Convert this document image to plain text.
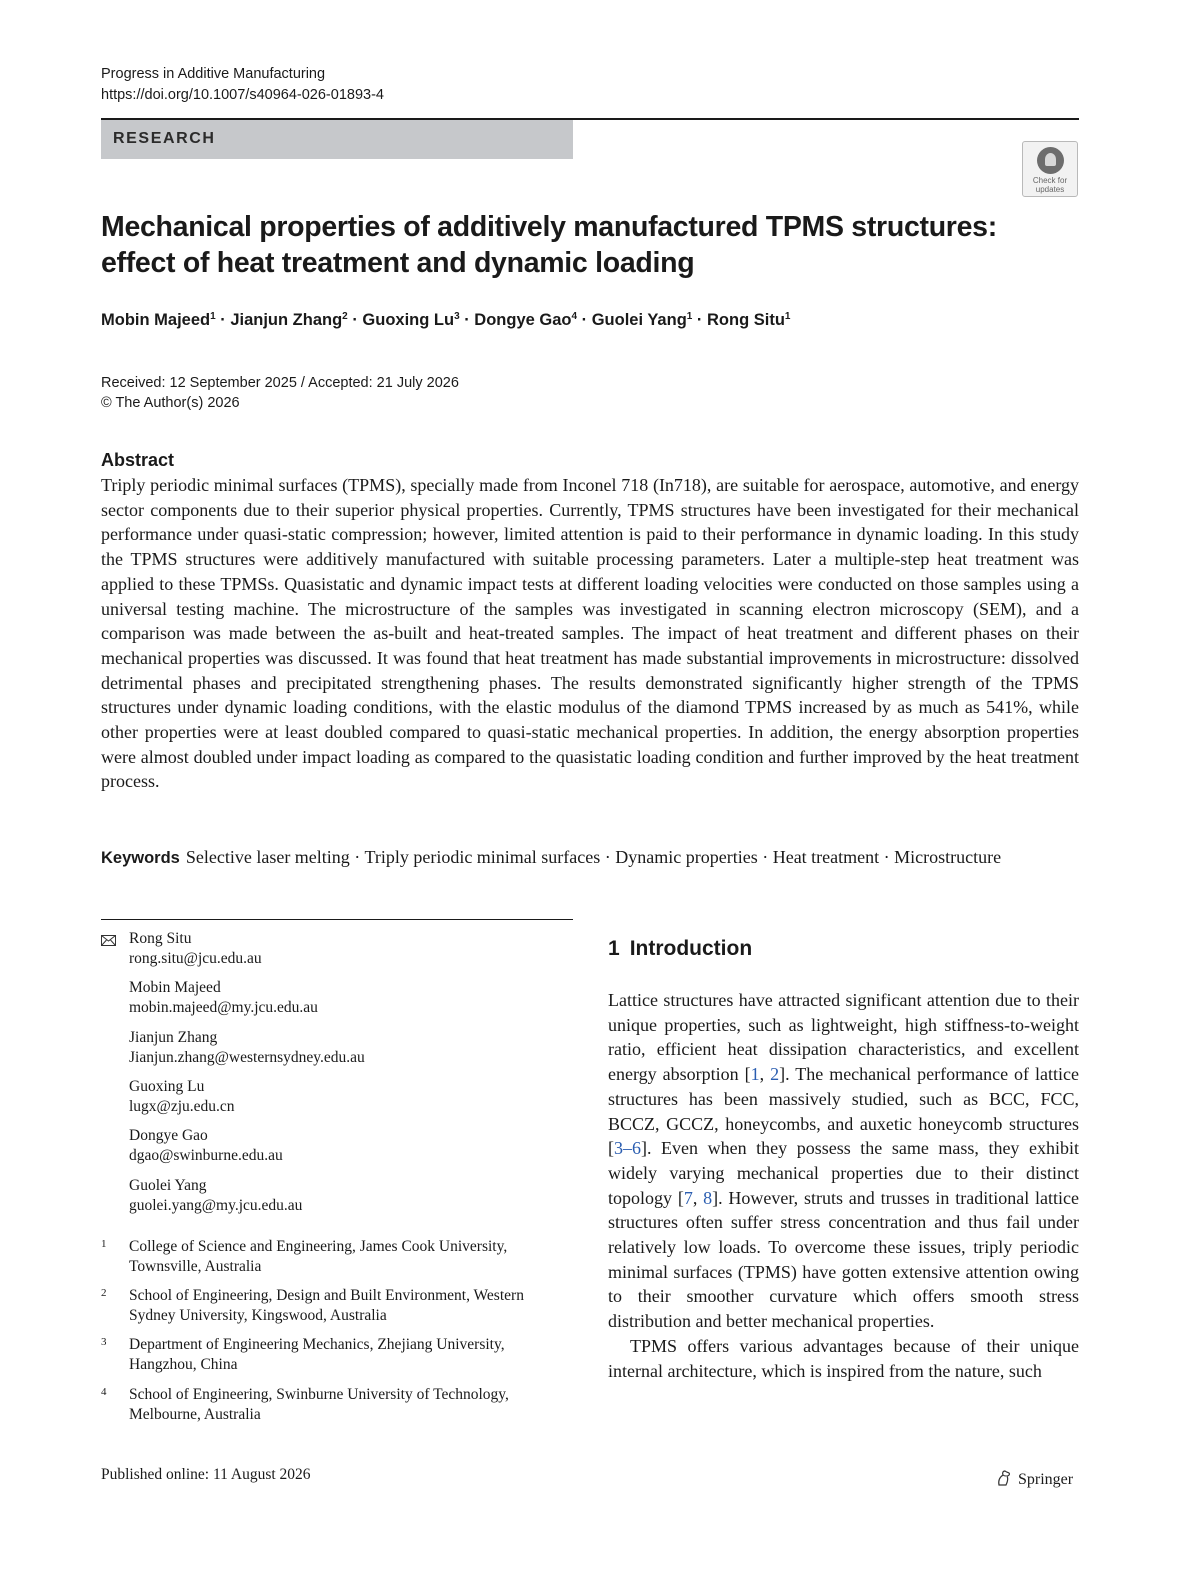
Progress in Additive Manufacturing
https://doi.org/10.1007/s40964-026-01893-4
RESEARCH
Check for
updates
Mechanical properties of additively manufactured TPMS structures:
effect of heat treatment and dynamic loading
Mobin Majeed$^1$ · Jianjun Zhang$^2$ · Guoxing $Lu^3$ · Dongye Gao$^4$ · Guolei Yang$^1$ · Rong Situ$^1$
Received: 12 September 2025 / Accepted: 21 July 2026
© The Author(s) 2026
Abstract
Triply periodic minimal surfaces (TPMS), specially made from Inconel 718 (In718), are suitable for aerospace, automotive, and energy sector components due to their superior physical properties. Currently, TPMS structures have been investigated for their mechanical performance under quasi-static compression; however, limited attention is paid to their performance in dynamic loading. In this study the TPMS structures were additively manufactured with suitable processing parameters. Later a multiple-step heat treatment was applied to these TPMSs. Quasistatic and dynamic impact tests at different loading velocities were conducted on those samples using a universal testing machine. The microstructure of the samples was investigated in scanning electron microscopy (SEM), and a comparison was made between the as-built and heat-treated samples. The impact of heat treatment and different phases on their mechanical properties was discussed. It was found that heat treatment has made substantial improvements in microstructure: dissolved detrimental phases and precipitated strengthening phases. The results demonstrated significantly higher strength of the TPMS structures under dynamic loading conditions, with the elastic modulus of the diamond TPMS increased by as much as 541%, while other properties were at least doubled compared to quasi-static mechanical properties. In addition, the energy absorption properties were almost doubled under impact loading as compared to the quasistatic loading condition and further improved by the heat treatment process.
Keywords Selective laser melting · Triply periodic minimal surfaces · Dynamic properties · Heat treatment · Microstructure
Rong Situ
rong.situ@jcu.edu.au
Mobin Majeed
mobin.majeed@my.jcu.edu.au
Jianjun Zhang
Jianjun.zhang@westernsydney.edu.au
Guoxing Lu
lugx@zju.edu.cn
Dongye Gao
dgao@swinburne.edu.au
Guolei Yang
guolei.yang@my.jcu.edu.au
1 College of Science and Engineering, James Cook University, Townsville, Australia
2 School of Engineering, Design and Built Environment, Western Sydney University, Kingswood, Australia
3 Department of Engineering Mechanics, Zhejiang University, Hangzhou, China
4 School of Engineering, Swinburne University of Technology, Melbourne, Australia
1 Introduction

Lattice structures have attracted significant attention due to their unique properties, such as lightweight, high stiffness-to-weight ratio, efficient heat dissipation characteristics, and excellent energy absorption [1, 2]. The mechanical performance of lattice structures has been massively studied, such as BCC, FCC, BCCZ, GCCZ, honeycombs, and auxetic honeycomb structures [3–6]. Even when they possess the same mass, they exhibit widely varying mechanical properties due to their distinct topology [7, 8]. However, struts and trusses in traditional lattice structures often suffer stress concentration and thus fail under relatively low loads. To overcome these issues, triply periodic minimal surfaces (TPMS) have gotten extensive attention owing to their smoother curvature which offers smooth stress distribution and better mechanical properties.

TPMS offers various advantages because of their unique internal architecture, which is inspired from the nature, such

Published online: 11 August 2026	Springer
